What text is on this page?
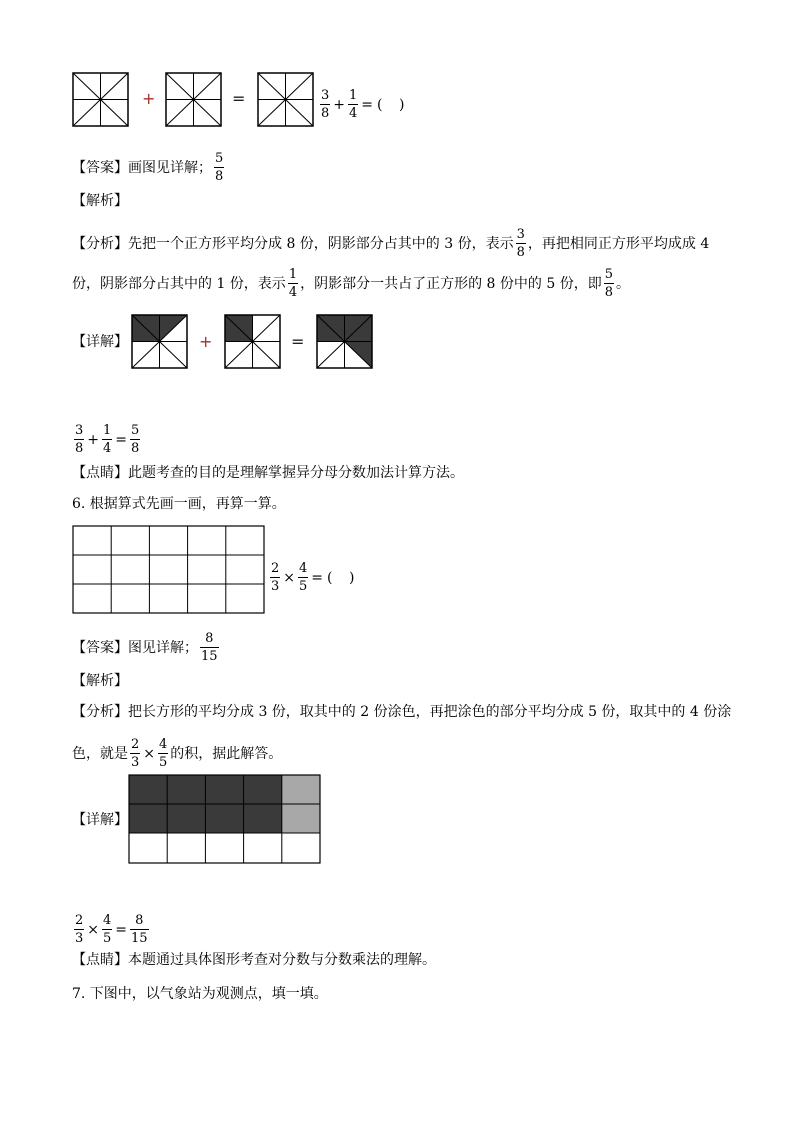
+	=	$\frac{3}{8} + \frac{1}{4}$ = ( )
【答案】 画图见详解； $\frac{5}{8}$
【解析】
【分析】 先把一个正方形平均分成 8 份，阴影部分占其中的 3 份，表示 $\frac{3}{8}$ ，再把相同正方形平均成成 4
份，阴影部分占其中的 1 份，表示 $\frac{1}{4}$ ，阴影部分一共占了正方形的 8 份中的 5 份，即 $\frac{5}{8}$ 。
【详解】	+	=
$\frac{3}{8} + \frac{1}{4} = \frac{5}{8}$
【点睛】 此题考查的目的是理解掌握异分母分数加法计算方法。
6. 根据算式先画一画，再算一算。
$\frac{2}{3} \times \frac{4}{5}$ = ( )
【答案】 图见详解； $\frac{8}{15}$
【解析】
【分析】 把长方形的平均分成 3 份，取其中的 2 份涂色，再把涂色的部分平均分成 5 份，取其中的 4 份涂
色，就是 $\frac{2}{3} \times \frac{4}{5}$ 的积，据此解答。
【详解】
$\frac{2}{3} \times \frac{4}{5} = \frac{8}{15}$
【点睛】 本题通过具体图形考查对分数与分数乘法的理解。
7. 下图中，以气象站为观测点，填一填。
